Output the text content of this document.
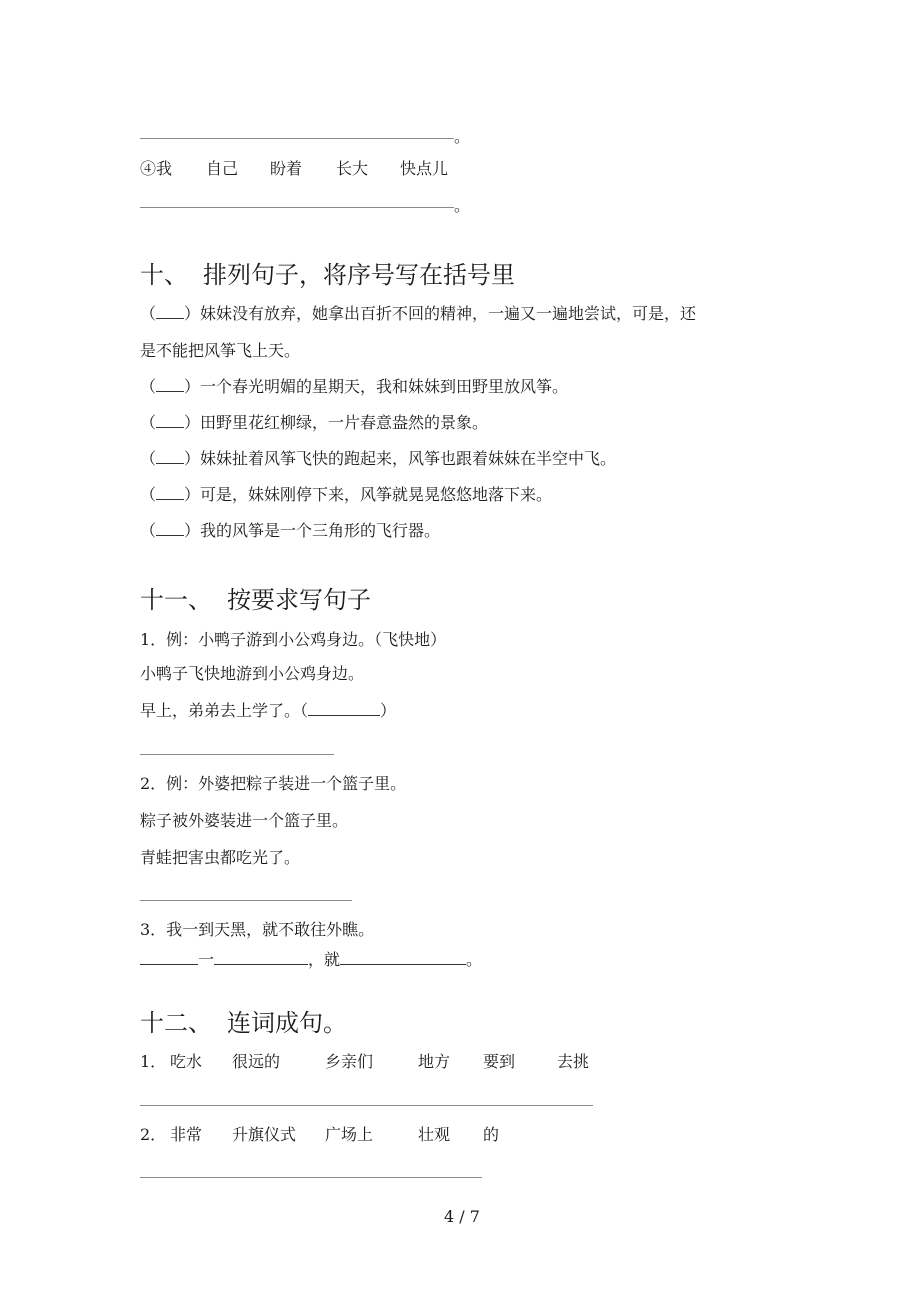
。
④我 自己 盼着 长大 快点儿
。
十、 排列句子，将序号写在括号里
（ ）妹妹没有放弃，她拿出百折不回的精神，一遍又一遍地尝试，可是，还
是不能把风筝飞上天。
（ ）一个春光明媚的星期天，我和妹妹到田野里放风筝。
（ ）田野里花红柳绿，一片春意盎然的景象。
（ ）妹妹扯着风筝飞快的跑起来，风筝也跟着妹妹在半空中飞。
（ ）可是，妹妹刚停下来，风筝就晃晃悠悠地落下来。
（ ）我的风筝是一个三角形的飞行器。
十一、 按要求写句子
1．例：小鸭子游到小公鸡身边。（飞快地）
小鸭子飞快地游到小公鸡身边。
早上，弟弟去上学了。（	）
2．例：外婆把粽子装进一个篮子里。
粽子被外婆装进一个篮子里。
青蛙把害虫都吃光了。
3．我一到天黑，就不敢往外瞧。
一	，就	。
十二、 连词成句。
1． 吃水 很远的	乡亲们	地方 要到	去挑
2． 非常 升旗仪式 广场上	壮观 的
4 / 7
